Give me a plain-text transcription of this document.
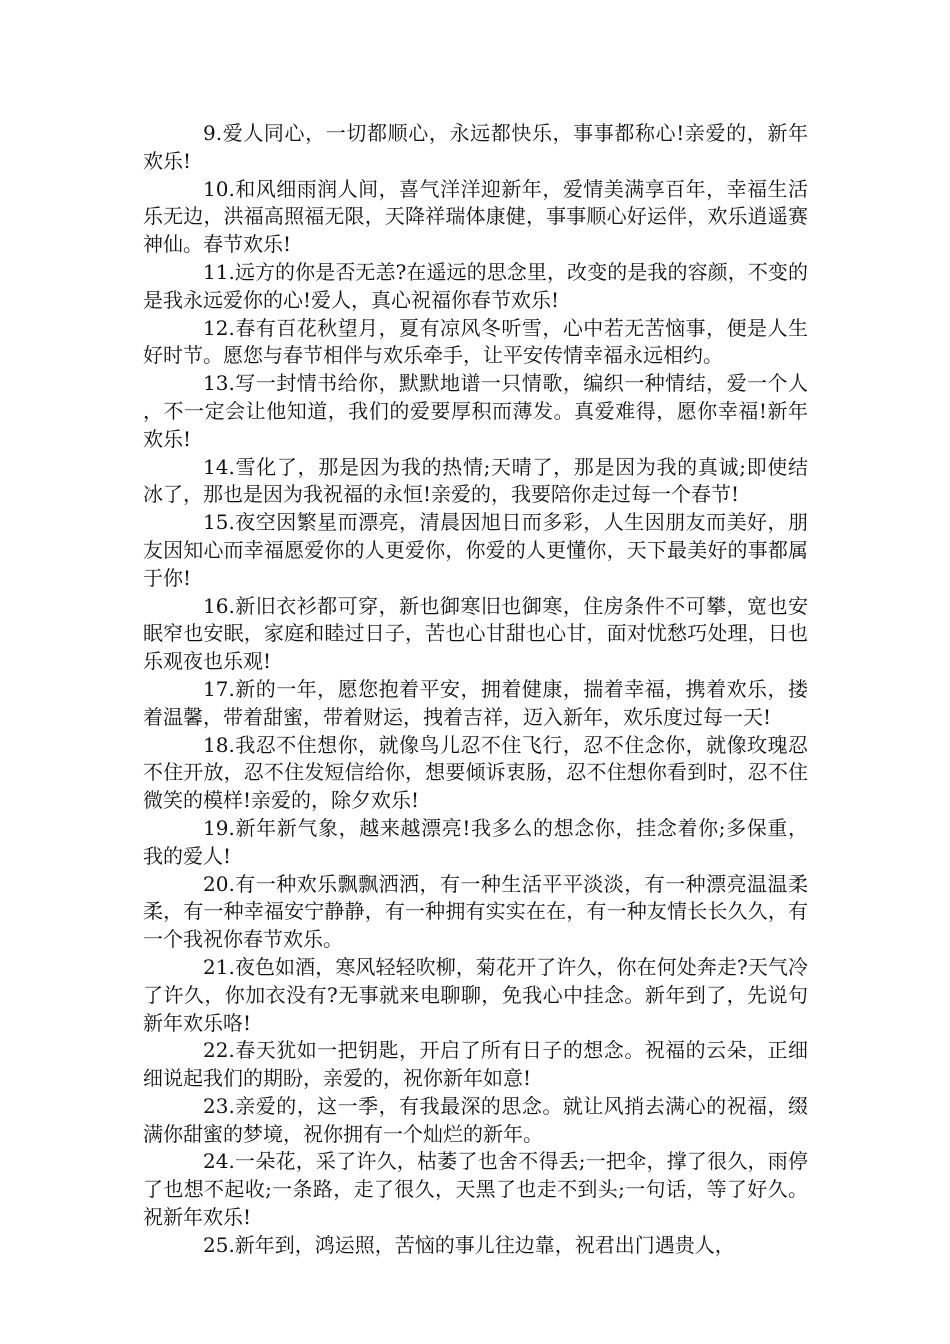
9.爱人同心，一切都顺心，永远都快乐，事事都称心!亲爱的，新年欢乐!

10.和风细雨润人间，喜气洋洋迎新年，爱情美满享百年，幸福生活乐无边，洪福高照福无限，天降祥瑞体康健，事事顺心好运伴，欢乐逍遥赛神仙。春节欢乐!

11.远方的你是否无恙?在遥远的思念里，改变的是我的容颜，不变的是我永远爱你的心!爱人，真心祝福你春节欢乐!

12.春有百花秋望月，夏有凉风冬听雪，心中若无苦恼事，便是人生好时节。愿您与春节相伴与欢乐牵手，让平安传情幸福永远相约。

13.写一封情书给你，默默地谱一只情歌，编织一种情结，爱一个人，不一定会让他知道，我们的爱要厚积而薄发。真爱难得，愿你幸福!新年欢乐!

14.雪化了，那是因为我的热情;天晴了，那是因为我的真诚;即使结冰了，那也是因为我祝福的永恒!亲爱的，我要陪你走过每一个春节!

15.夜空因繁星而漂亮，清晨因旭日而多彩，人生因朋友而美好，朋友因知心而幸福愿爱你的人更爱你，你爱的人更懂你，天下最美好的事都属于你!

16.新旧衣衫都可穿，新也御寒旧也御寒，住房条件不可攀，宽也安眠窄也安眠，家庭和睦过日子，苦也心甘甜也心甘，面对忧愁巧处理，日也乐观夜也乐观!

17.新的一年，愿您抱着平安，拥着健康，揣着幸福，携着欢乐，搂着温馨，带着甜蜜，带着财运，拽着吉祥，迈入新年，欢乐度过每一天!

18.我忍不住想你，就像鸟儿忍不住飞行，忍不住念你，就像玫瑰忍不住开放，忍不住发短信给你，想要倾诉衷肠，忍不住想你看到时，忍不住微笑的模样!亲爱的，除夕欢乐!

19.新年新气象，越来越漂亮!我多么的想念你，挂念着你;多保重，我的爱人!

20.有一种欢乐飘飘洒洒，有一种生活平平淡淡，有一种漂亮温温柔柔，有一种幸福安宁静静，有一种拥有实实在在，有一种友情长长久久，有一个我祝你春节欢乐。

21.夜色如酒，寒风轻轻吹柳，菊花开了许久，你在何处奔走?天气冷了许久，你加衣没有?无事就来电聊聊，免我心中挂念。新年到了，先说句新年欢乐咯!

22.春天犹如一把钥匙，开启了所有日子的想念。祝福的云朵，正细细说起我们的期盼，亲爱的，祝你新年如意!

23.亲爱的，这一季，有我最深的思念。就让风捎去满心的祝福，缀满你甜蜜的梦境，祝你拥有一个灿烂的新年。

24.一朵花，采了许久，枯萎了也舍不得丢;一把伞，撑了很久，雨停了也想不起收;一条路，走了很久，天黑了也走不到头;一句话，等了好久。祝新年欢乐!

25.新年到，鸿运照，苦恼的事儿往边靠，祝君出门遇贵人，
